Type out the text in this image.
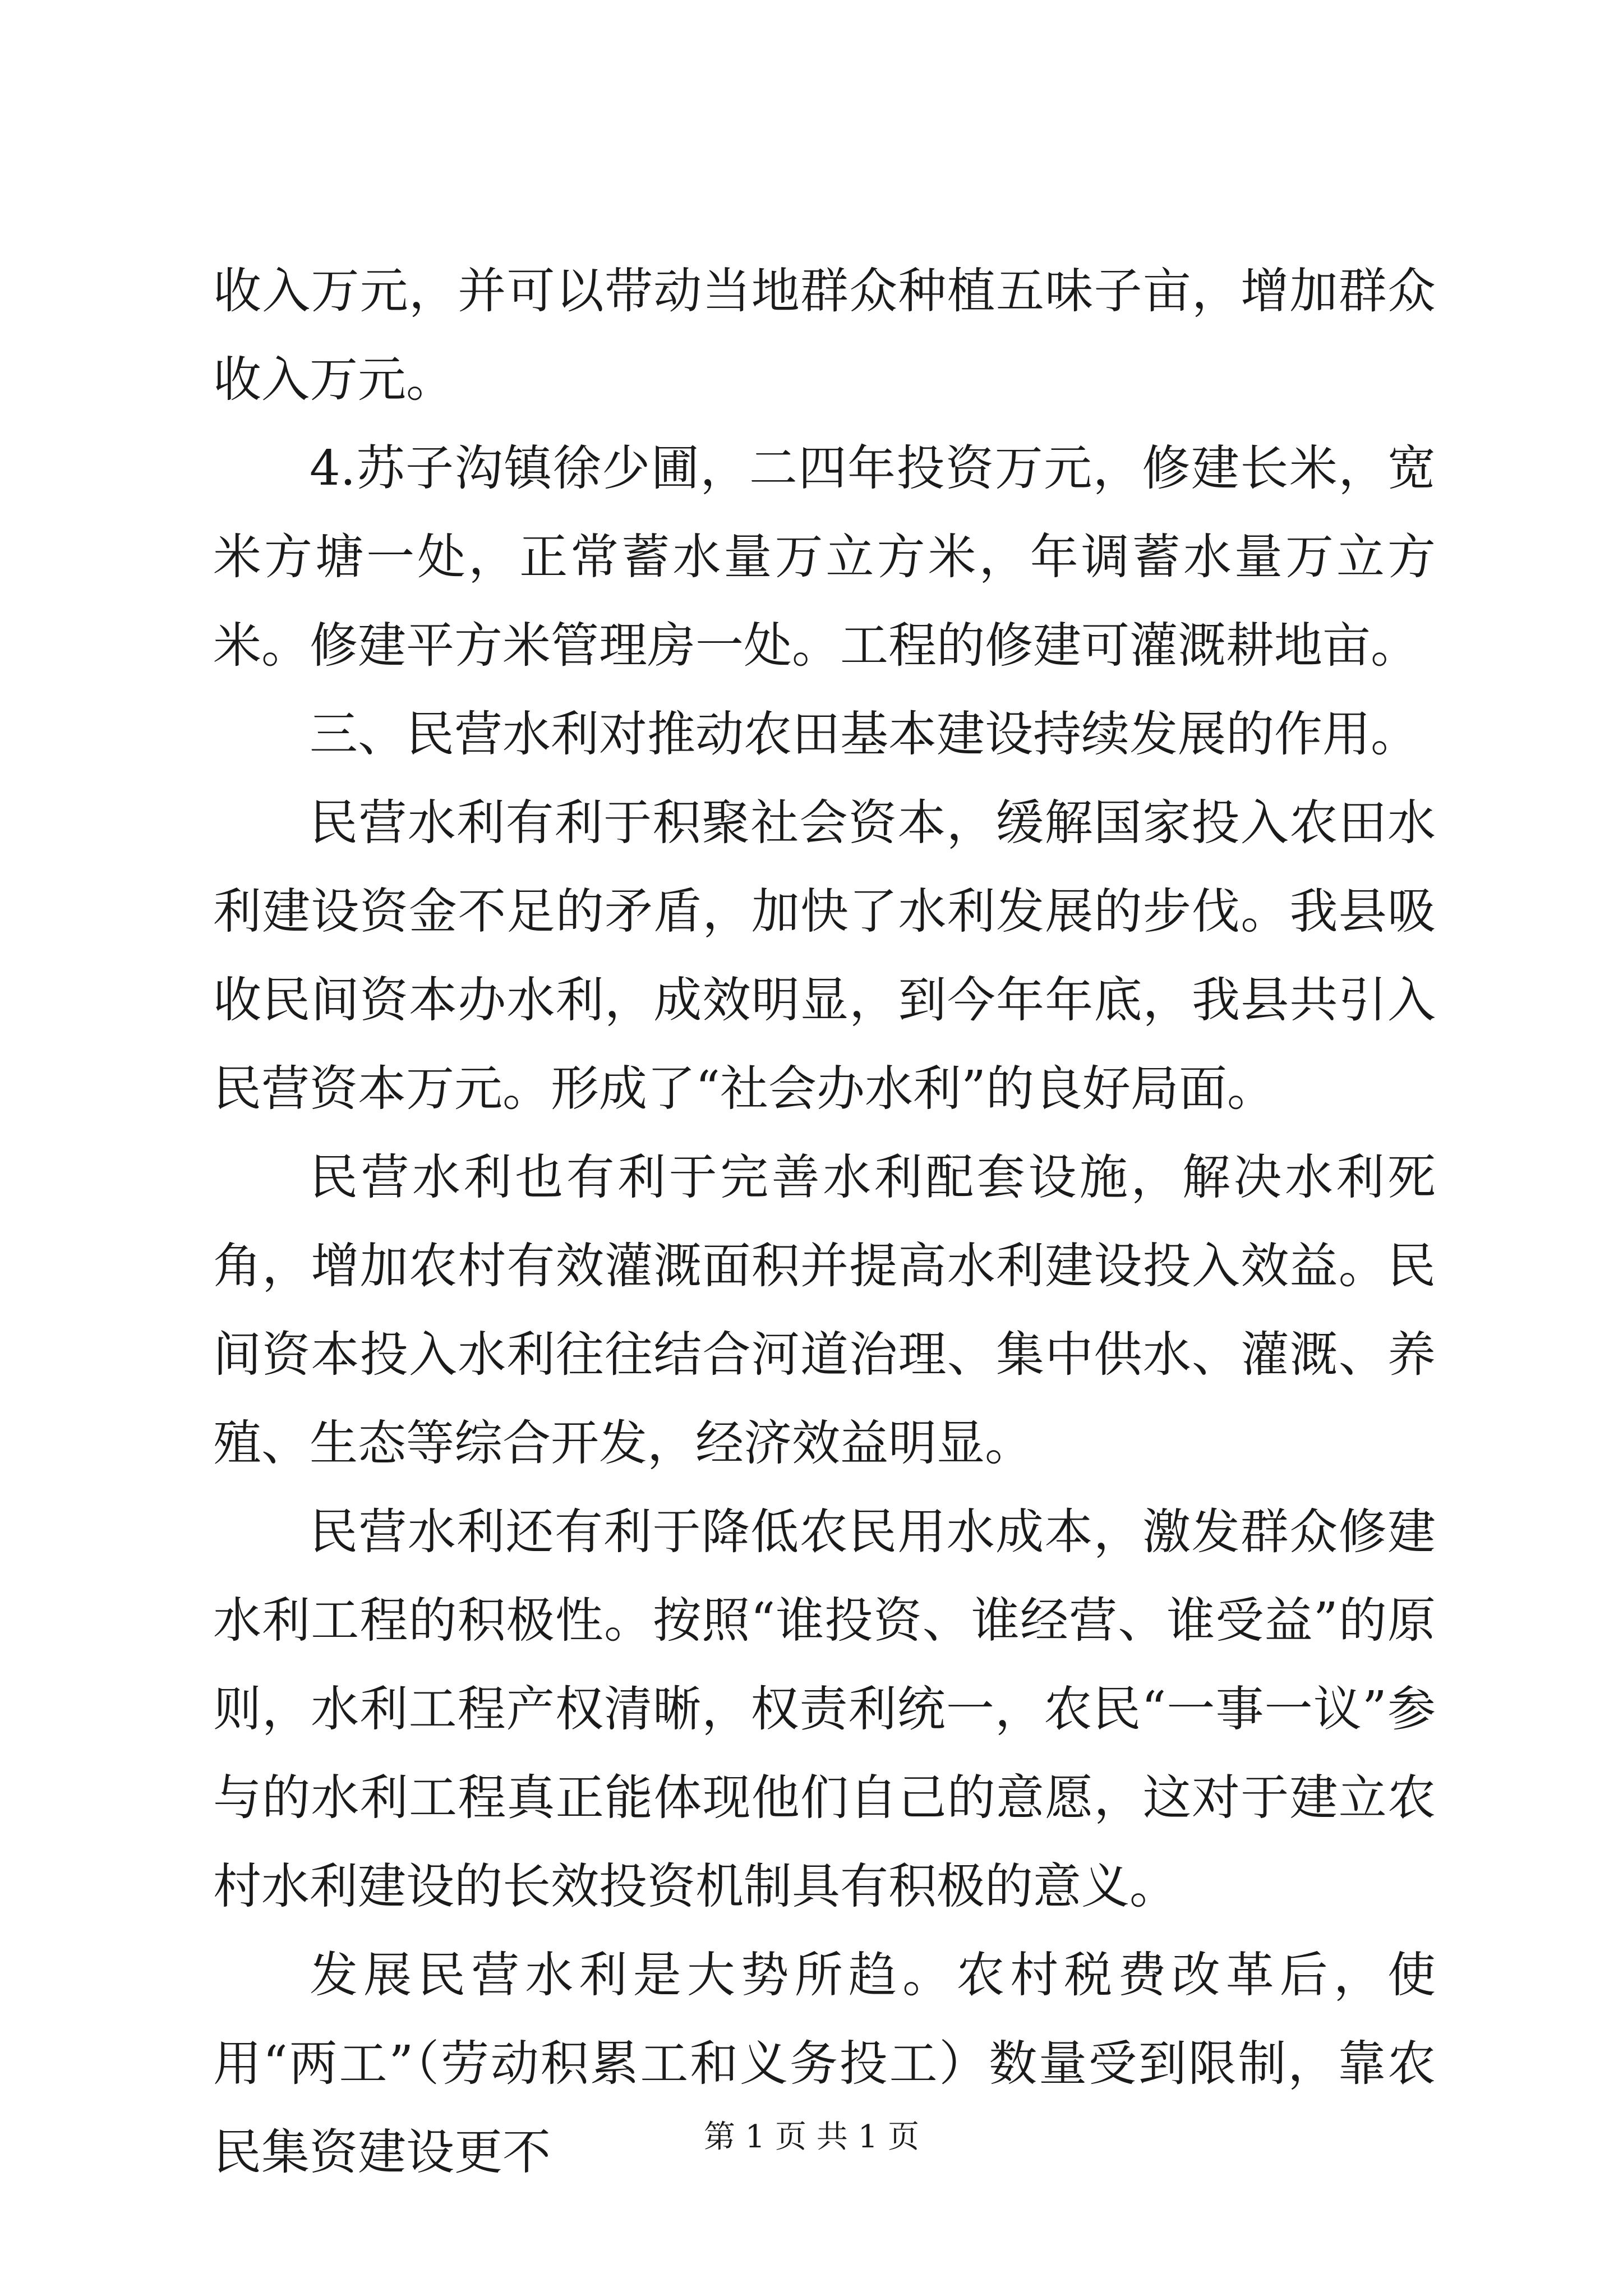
收入万元，并可以带动当地群众种植五味子亩，增加群众收入万元。

4.苏子沟镇徐少圃，二四年投资万元，修建长米，宽米方塘一处，正常蓄水量万立方米，年调蓄水量万立方米。修建平方米管理房一处。工程的修建可灌溉耕地亩。

三、民营水利对推动农田基本建设持续发展的作用。

民营水利有利于积聚社会资本，缓解国家投入农田水利建设资金不足的矛盾，加快了水利发展的步伐。我县吸收民间资本办水利，成效明显，到今年年底，我县共引入民营资本万元。形成了“社会办水利”的良好局面。

民营水利也有利于完善水利配套设施，解决水利死角，增加农村有效灌溉面积并提高水利建设投入效益。民间资本投入水利往往结合河道治理、集中供水、灌溉、养殖、生态等综合开发，经济效益明显。

民营水利还有利于降低农民用水成本，激发群众修建水利工程的积极性。按照“谁投资、谁经营、谁受益”的原则，水利工程产权清晰，权责利统一，农民“一事一议”参与的水利工程真正能体现他们自己的意愿，这对于建立农村水利建设的长效投资机制具有积极的意义。

发展民营水利是大势所趋。农村税费改革后，使用“两工”（劳动积累工和义务投工）数量受到限制，靠农民集资建设更不	第 1 页 共 1 页
